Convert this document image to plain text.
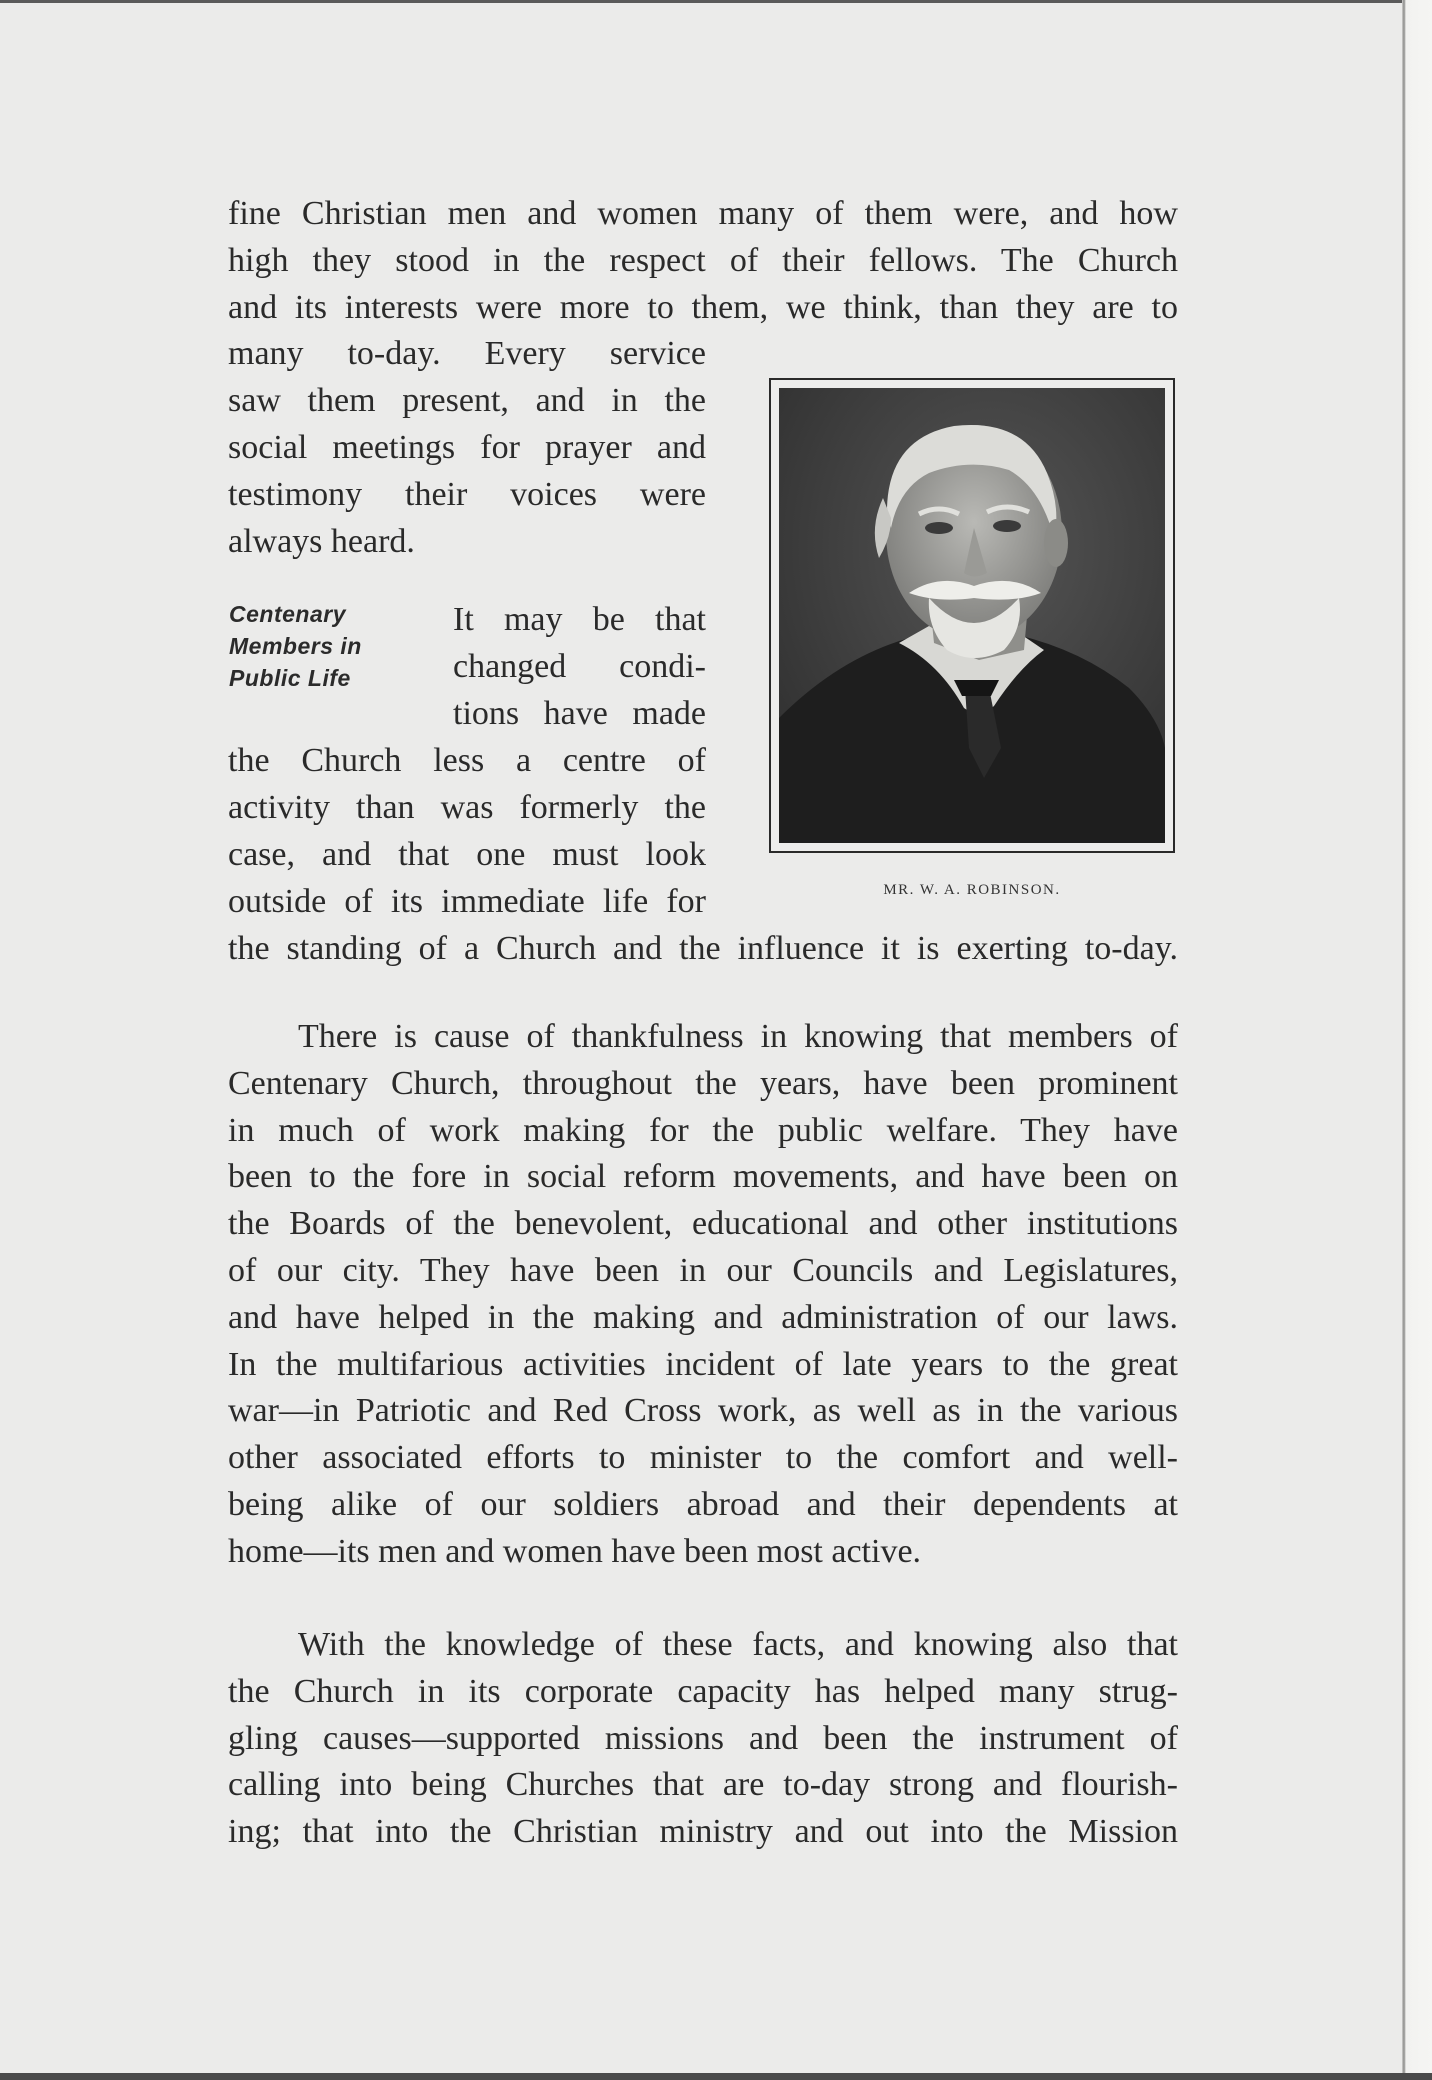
fine Christian men and women many of them were, and how
high they stood in the respect of their fellows. The Church
and its interests were more to them, we think, than they are to
many to-day. Every service
saw them present, and in the
social meetings for prayer and
testimony their voices were
always heard.
Centenary
Members in
Public Life
It may be that
changed condi-
tions have made
the Church less a centre of
activity than was formerly the
case, and that one must look
outside of its immediate life for
the standing of a Church and the influence it is exerting to-day.
MR. W. A. ROBINSON.
There is cause of thankfulness in knowing that members of
Centenary Church, throughout the years, have been prominent
in much of work making for the public welfare. They have
been to the fore in social reform movements, and have been on
the Boards of the benevolent, educational and other institutions
of our city. They have been in our Councils and Legislatures,
and have helped in the making and administration of our laws.
In the multifarious activities incident of late years to the great
war—in Patriotic and Red Cross work, as well as in the various
other associated efforts to minister to the comfort and well-
being alike of our soldiers abroad and their dependents at
home—its men and women have been most active.
With the knowledge of these facts, and knowing also that
the Church in its corporate capacity has helped many strug-
gling causes—supported missions and been the instrument of
calling into being Churches that are to-day strong and flourish-
ing; that into the Christian ministry and out into the Mission
